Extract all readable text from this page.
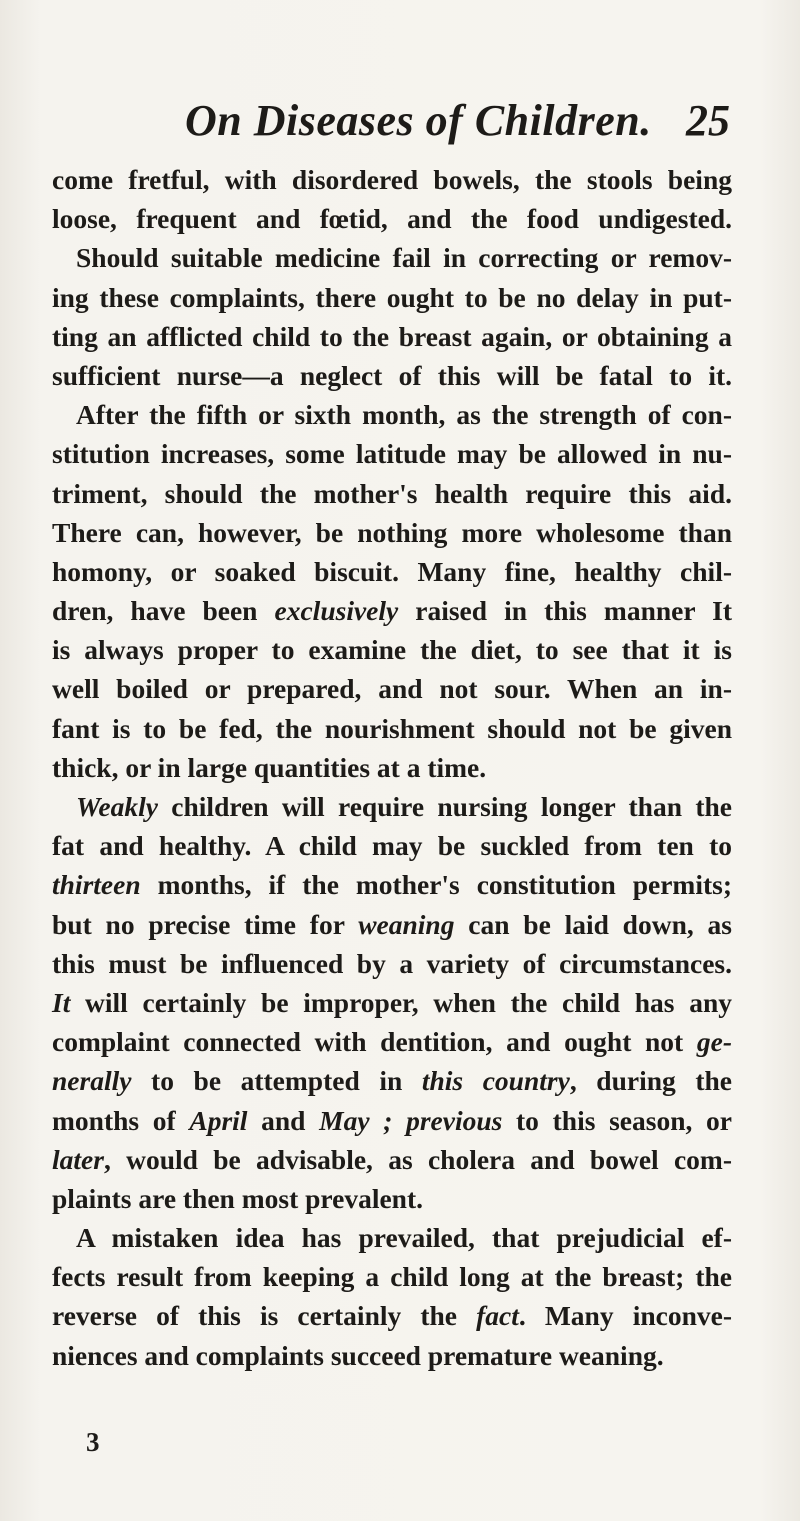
On Diseases of Children. 25
come fretful, with disordered bowels, the stools being
loose, frequent and fœtid, and the food undigested.
Should suitable medicine fail in correcting or remov-
ing these complaints, there ought to be no delay in put-
ting an afflicted child to the breast again, or obtaining a
sufficient nurse—a neglect of this will be fatal to it.
After the fifth or sixth month, as the strength of con-
stitution increases, some latitude may be allowed in nu-
triment, should the mother's health require this aid.
There can, however, be nothing more wholesome than
homony, or soaked biscuit. Many fine, healthy chil-
dren, have been exclusively raised in this manner It
is always proper to examine the diet, to see that it is
well boiled or prepared, and not sour. When an in-
fant is to be fed, the nourishment should not be given
thick, or in large quantities at a time.
Weakly children will require nursing longer than the
fat and healthy. A child may be suckled from ten to
thirteen months, if the mother's constitution permits;
but no precise time for weaning can be laid down, as
this must be influenced by a variety of circumstances.
It will certainly be improper, when the child has any
complaint connected with dentition, and ought not ge-
nerally to be attempted in this country, during the
months of April and May ; previous to this season, or
later, would be advisable, as cholera and bowel com-
plaints are then most prevalent.
A mistaken idea has prevailed, that prejudicial ef-
fects result from keeping a child long at the breast; the
reverse of this is certainly the fact. Many inconve-
niences and complaints succeed premature weaning.
3
